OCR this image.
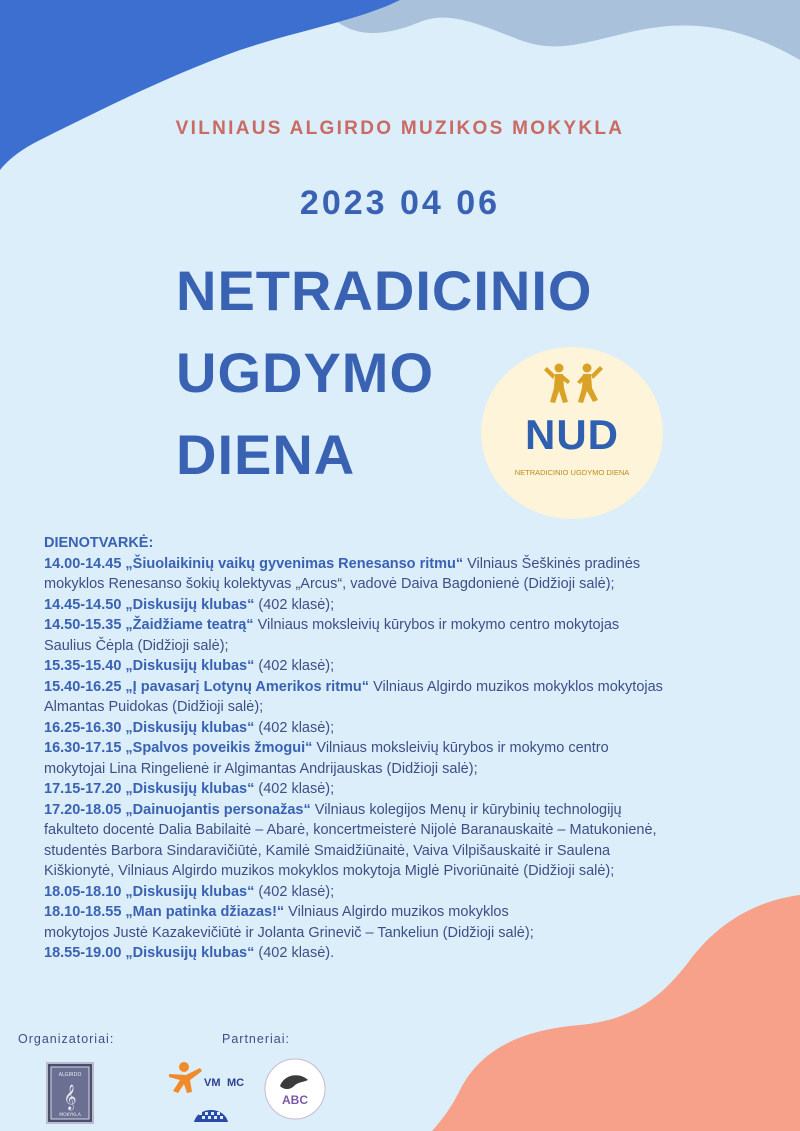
VILNIAUS ALGIRDO MUZIKOS MOKYKLA
2023 04 06
NETRADICINIO
UGDYMO
DIENA	NUD
NETRADICINIO UGDYMO DIENA
DIENOTVARKĖ:
14.00-14.45 „Šiuolaikinių vaikų gyvenimas Renesanso ritmu“ Vilniaus Šeškinės pradinės
mokyklos Renesanso šokių kolektyvas „Arcus“, vadovė Daiva Bagdonienė (Didžioji salė);
14.45-14.50 „Diskusijų klubas“ (402 klasė);
14.50-15.35 „Žaidžiame teatrą“ Vilniaus moksleivių kūrybos ir mokymo centro mokytojas
Saulius Čėpla (Didžioji salė);
15.35-15.40 „Diskusijų klubas“ (402 klasė);
15.40-16.25 „Į pavasarį Lotynų Amerikos ritmu“ Vilniaus Algirdo muzikos mokyklos mokytojas
Almantas Puidokas (Didžioji salė);
16.25-16.30 „Diskusijų klubas“ (402 klasė);
16.30-17.15 „Spalvos poveikis žmogui“ Vilniaus moksleivių kūrybos ir mokymo centro
mokytojai Lina Ringelienė ir Algimantas Andrijauskas (Didžioji salė);
17.15-17.20 „Diskusijų klubas“ (402 klasė);
17.20-18.05 „Dainuojantis personažas“ Vilniaus kolegijos Menų ir kūrybinių technologijų
fakulteto docentė Dalia Babilaitė – Abarė, koncertmeisterė Nijolė Baranauskaitė – Matukonienė,
studentės Barbora Sindaravičiūtė, Kamilė Smaidžiūnaitė, Vaiva Vilpišauskaitė ir Saulena
Kiškionytė, Vilniaus Algirdo muzikos mokyklos mokytoja Miglė Pivoriūnaitė (Didžioji salė);
18.05-18.10 „Diskusijų klubas“ (402 klasė);
18.10-18.55 „Man patinka džiazas!“ Vilniaus Algirdo muzikos mokyklos
mokytojos Justė Kazakevičiūtė ir Jolanta Grinevič – Tankeliun (Didžioji salė);
18.55-19.00 „Diskusijų klubas“ (402 klasė).
Organizatoriai:	Partneriai:
ALGIRDO
𝄞
MOKYKLA
VM MC
ABC
